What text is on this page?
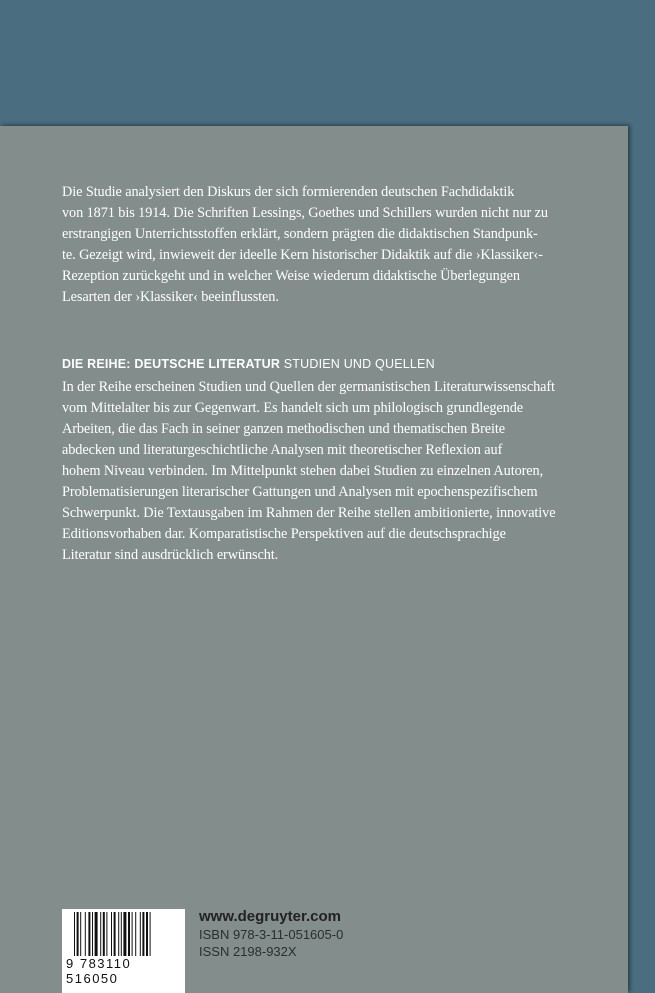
Die Studie analysiert den Diskurs der sich formierenden deutschen Fachdidaktik
von 1871 bis 1914. Die Schriften Lessings, Goethes und Schillers wurden nicht nur zu
erstrangigen Unterrichtsstoffen erklärt, sondern prägten die didaktischen Standpunk-
te. Gezeigt wird, inwieweit der ideelle Kern historischer Didaktik auf die ›Klassiker‹-
Rezeption zurückgeht und in welcher Weise wiederum didaktische Überlegungen
Lesarten der ›Klassiker‹ beeinflussten.
DIE REIHE: DEUTSCHE LITERATUR STUDIEN UND QUELLEN
In der Reihe erscheinen Studien und Quellen der germanistischen Literaturwissenschaft
vom Mittelalter bis zur Gegenwart. Es handelt sich um philologisch grundlegende
Arbeiten, die das Fach in seiner ganzen methodischen und thematischen Breite
abdecken und literaturgeschichtliche Analysen mit theoretischer Reflexion auf
hohem Niveau verbinden. Im Mittelpunkt stehen dabei Studien zu einzelnen Autoren,
Problematisierungen literarischer Gattungen und Analysen mit epochenspezifischem
Schwerpunkt. Die Textausgaben im Rahmen der Reihe stellen ambitionierte, innovative
Editionsvorhaben dar. Komparatistische Perspektiven auf die deutschsprachige
Literatur sind ausdrücklich erwünscht.
9 783110 516050
www.degruyter.com
ISBN 978-3-11-051605-0
ISSN 2198-932X
